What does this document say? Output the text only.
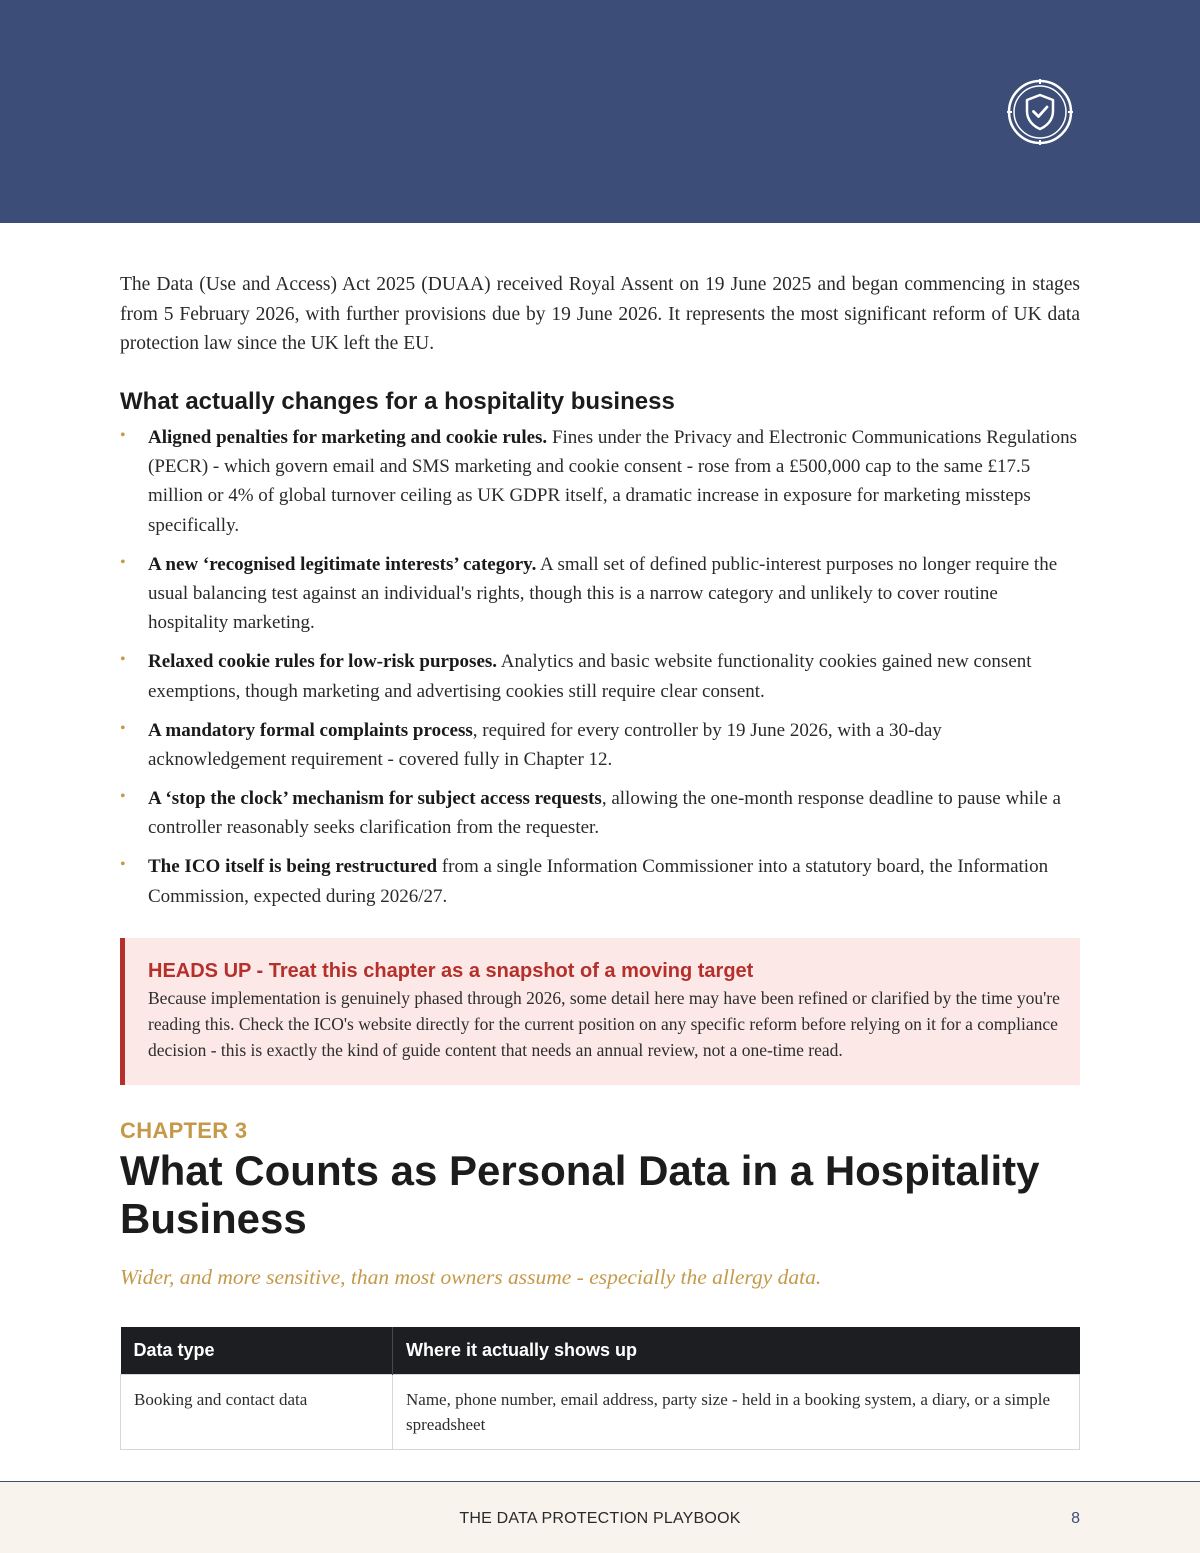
The Data (Use and Access) Act 2025 (DUAA) received Royal Assent on 19 June 2025 and began commencing in stages from 5 February 2026, with further provisions due by 19 June 2026. It represents the most significant reform of UK data protection law since the UK left the EU.

What actually changes for a hospitality business
• Aligned penalties for marketing and cookie rules. Fines under the Privacy and Electronic Communications Regulations (PECR) - which govern email and SMS marketing and cookie consent - rose from a £500,000 cap to the same £17.5 million or 4% of global turnover ceiling as UK GDPR itself, a dramatic increase in exposure for marketing missteps specifically.
• A new ‘recognised legitimate interests’ category. A small set of defined public-interest purposes no longer require the usual balancing test against an individual's rights, though this is a narrow category and unlikely to cover routine hospitality marketing.
• Relaxed cookie rules for low-risk purposes. Analytics and basic website functionality cookies gained new consent exemptions, though marketing and advertising cookies still require clear consent.
• A mandatory formal complaints process, required for every controller by 19 June 2026, with a 30-day acknowledgement requirement - covered fully in Chapter 12.
• A ‘stop the clock’ mechanism for subject access requests, allowing the one-month response deadline to pause while a controller reasonably seeks clarification from the requester.
• The ICO itself is being restructured from a single Information Commissioner into a statutory board, the Information Commission, expected during 2026/27.
HEADS UP - Treat this chapter as a snapshot of a moving target
Because implementation is genuinely phased through 2026, some detail here may have been refined or clarified by the time you're reading this. Check the ICO's website directly for the current position on any specific reform before relying on it for a compliance decision - this is exactly the kind of guide content that needs an annual review, not a one-time read.
CHAPTER 3
What Counts as Personal Data in a Hospitality Business
Wider, and more sensitive, than most owners assume - especially the allergy data.
Data type	Where it actually shows up
Booking and contact data	Name, phone number, email address, party size - held in a booking system, a diary, or a simple spreadsheet
THE DATA PROTECTION PLAYBOOK	8
